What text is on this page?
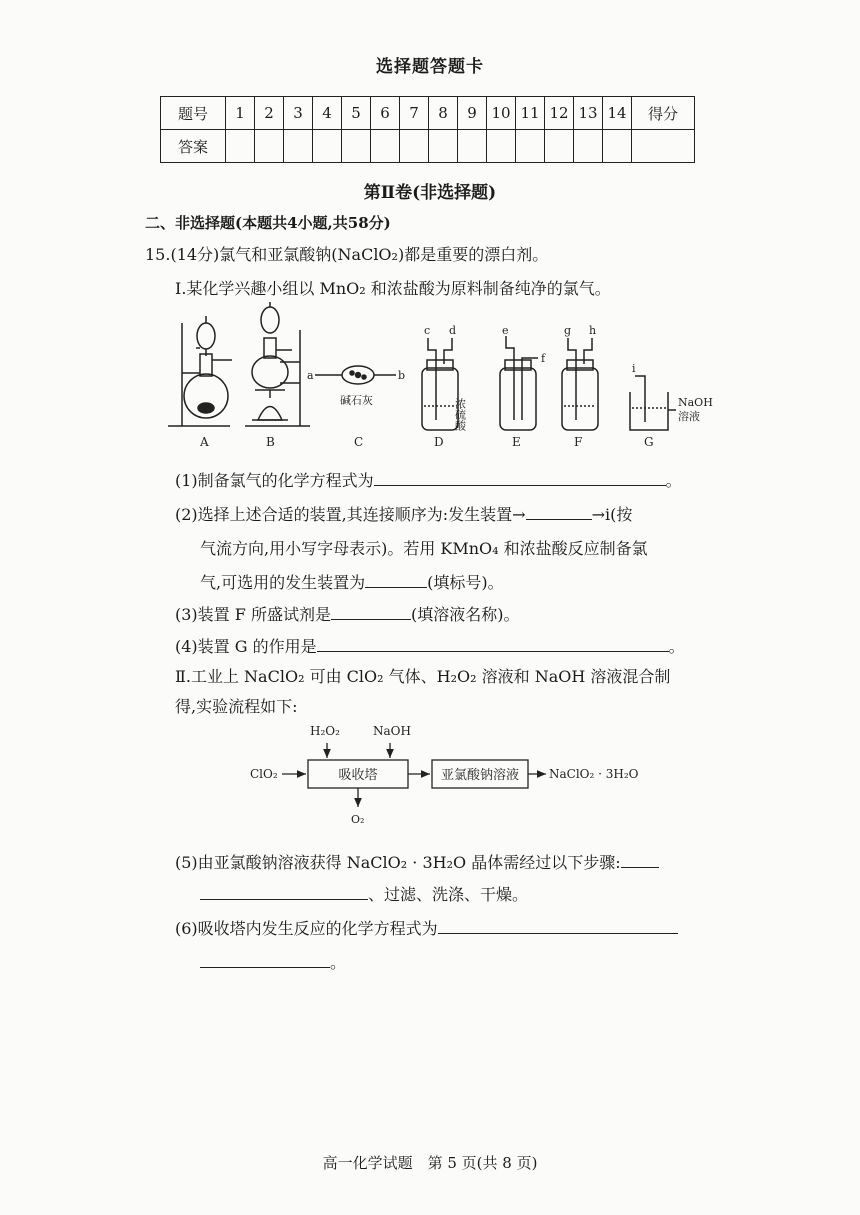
选择题答题卡
题号	1	2	3	4	5	6	7	8	9	10	11	12	13	14	得分
答案															
第Ⅱ卷(非选择题)
二、非选择题(本题共4小题,共58分)
15.(14分)氯气和亚氯酸钠(NaClO₂)都是重要的漂白剂。
Ⅰ.某化学兴趣小组以 MnO₂ 和浓盐酸为原料制备纯净的氯气。
A	B	C	D	E	F	G
a	b
c d	e
f
g h
i
碱石灰	浓硫酸	NaOH
溶液
(1)制备氯气的化学方程式为	。
(2)选择上述合适的装置,其连接顺序为:发生装置→	→i(按
气流方向,用小写字母表示)。若用 KMnO₄ 和浓盐酸反应制备氯
气,可选用的发生装置为	(填标号)。
(3)装置 F 所盛试剂是	(填溶液名称)。
(4)装置 G 的作用是	。
Ⅱ.工业上 NaClO₂ 可由 ClO₂ 气体、H₂O₂ 溶液和 NaOH 溶液混合制
得,实验流程如下:
H₂O₂	NaOH
ClO₂	吸收塔	亚氯酸钠溶液 NaClO₂ · 3H₂O
O₂
(5)由亚氯酸钠溶液获得 NaClO₂ · 3H₂O 晶体需经过以下步骤:
、过滤、洗涤、干燥。
(6)吸收塔内发生反应的化学方程式为
。
高一化学试题　第 5 页(共 8 页)
